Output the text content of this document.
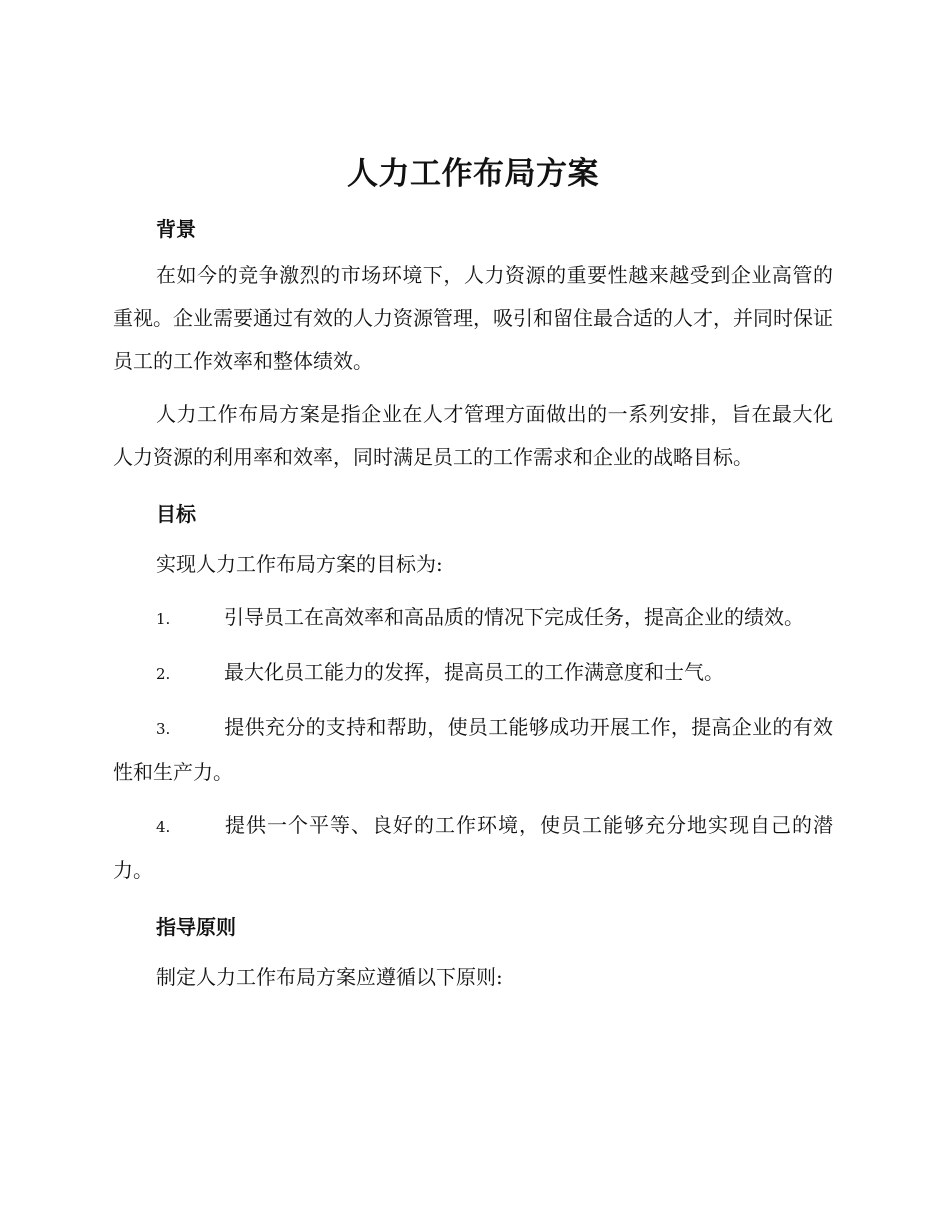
人力工作布局方案
背景

在如今的竞争激烈的市场环境下，人力资源的重要性越来越受到企业高管的重视。企业需要通过有效的人力资源管理，吸引和留住最合适的人才，并同时保证员工的工作效率和整体绩效。

人力工作布局方案是指企业在人才管理方面做出的一系列安排，旨在最大化人力资源的利用率和效率，同时满足员工的工作需求和企业的战略目标。

目标

实现人力工作布局方案的目标为:

1.	引导员工在高效率和高品质的情况下完成任务，提高企业的绩效。

2.	最大化员工能力的发挥，提高员工的工作满意度和士气。

3.	提供充分的支持和帮助，使员工能够成功开展工作，提高企业的有效性和生产力。

4.	提供一个平等、良好的工作环境，使员工能够充分地实现自己的潜力。

指导原则

制定人力工作布局方案应遵循以下原则:
